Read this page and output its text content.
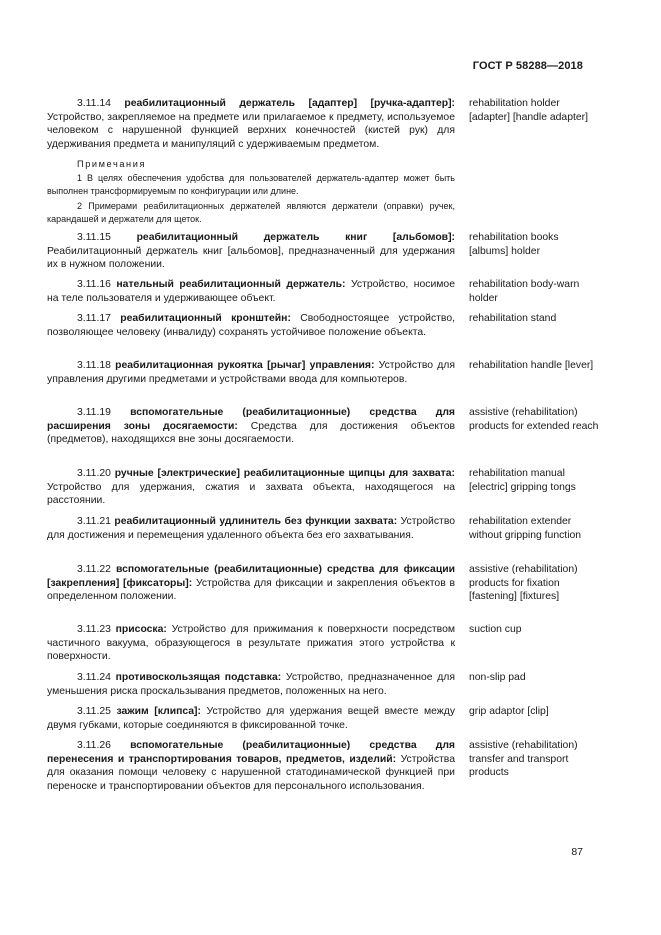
ГОСТ Р 58288—2018
3.11.14 реабилитационный держатель [адаптер] [ручка-адаптер]: Устройство, закрепляемое на предмете или прилагаемое к предмету, используемое человеком с нарушенной функцией верхних конечностей (кистей рук) для удерживания предмета и манипуляций с удерживаемым предметом.
rehabilitation holder [adapter] [handle adapter]
Примечания
1 В целях обеспечения удобства для пользователей держатель-адаптер может быть выполнен трансформируемым по конфигурации или длине.
2 Примерами реабилитационных держателей являются держатели (оправки) ручек, карандашей и держатели для щеток.
3.11.15 реабилитационный держатель книг [альбомов]: Реабилитационный держатель книг [альбомов], предназначенный для удержания их в нужном положении.
rehabilitation books [albums] holder
3.11.16 нательный реабилитационный держатель: Устройство, носимое на теле пользователя и удерживающее объект.
rehabilitation body-warn holder
3.11.17 реабилитационный кронштейн: Свободностоящее устройство, позволяющее человеку (инвалиду) сохранять устойчивое положение объекта.
rehabilitation stand
3.11.18 реабилитационная рукоятка [рычаг] управления: Устройство для управления другими предметами и устройствами ввода для компьютеров.
rehabilitation handle [lever]
3.11.19 вспомогательные (реабилитационные) средства для расширения зоны досягаемости: Средства для достижения объектов (предметов), находящихся вне зоны досягаемости.
assistive (rehabilitation) products for extended reach
3.11.20 ручные [электрические] реабилитационные щипцы для захвата: Устройство для удержания, сжатия и захвата объекта, находящегося на расстоянии.
rehabilitation manual [electric] gripping tongs
3.11.21 реабилитационный удлинитель без функции захвата: Устройство для достижения и перемещения удаленного объекта без его захватывания.
rehabilitation extender without gripping function
3.11.22 вспомогательные (реабилитационные) средства для фиксации [закрепления] [фиксаторы]: Устройства для фиксации и закрепления объектов в определенном положении.
assistive (rehabilitation) products for fixation [fastening] [fixtures]
3.11.23 присоска: Устройство для прижимания к поверхности посредством частичного вакуума, образующегося в результате прижатия этого устройства к поверхности.
suction cup
3.11.24 противоскользящая подставка: Устройство, предназначенное для уменьшения риска проскальзывания предметов, положенных на него.
non-slip pad
3.11.25 зажим [клипса]: Устройство для удержания вещей вместе между двумя губками, которые соединяются в фиксированной точке.
grip adaptor [clip]
3.11.26 вспомогательные (реабилитационные) средства для перенесения и транспортирования товаров, предметов, изделий: Устройства для оказания помощи человеку с нарушенной статодинамической функцией при переноске и транспортировании объектов для персонального использования.
assistive (rehabilitation) transfer and transport products
87
